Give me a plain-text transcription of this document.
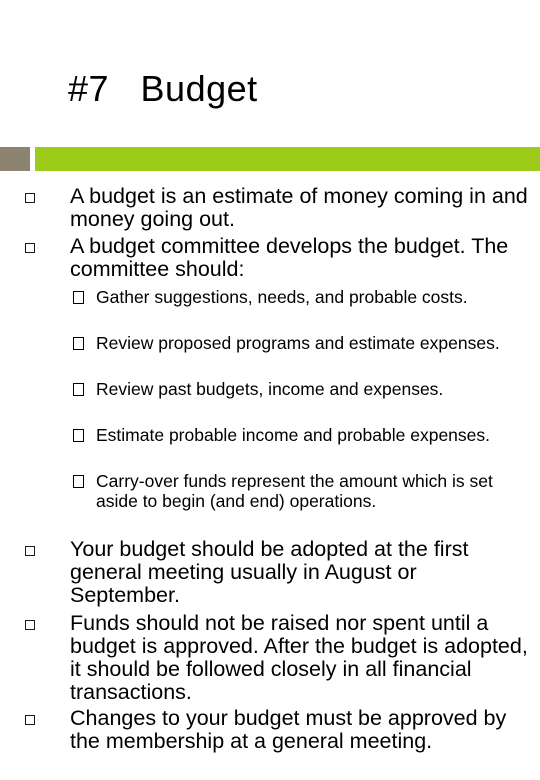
#7   Budget
A budget is an estimate of money coming in and money going out.
A budget committee develops the budget. The committee should:
Gather suggestions, needs, and probable costs.
Review proposed programs and estimate expenses.
Review past budgets, income and expenses.
Estimate probable income and probable expenses.
Carry-over funds represent the amount which is set aside to begin (and end) operations.
Your budget should be adopted at the first general meeting usually in August or September.
Funds should not be raised nor spent until a budget is approved. After the budget is adopted, it should be followed closely in all financial transactions.
Changes to your budget must be approved by the membership at a general meeting.
